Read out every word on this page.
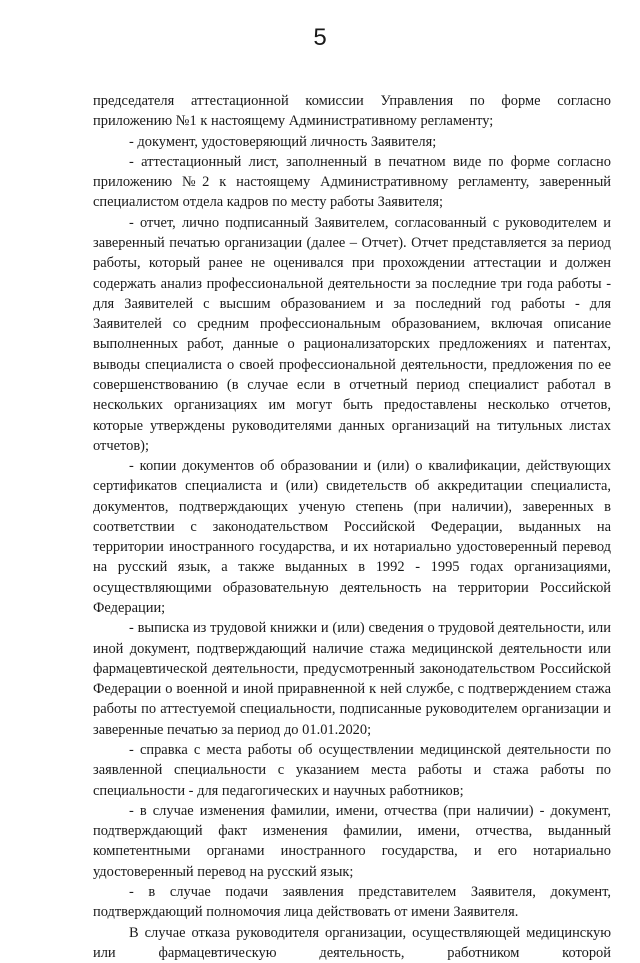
5

председателя аттестационной комиссии Управления по форме согласно приложению №1 к настоящему Административному регламенту;

- документ, удостоверяющий личность Заявителя;

- аттестационный лист, заполненный в печатном виде по форме согласно приложению №2 к настоящему Административному регламенту, заверенный специалистом отдела кадров по месту работы Заявителя;

- отчет, лично подписанный Заявителем, согласованный с руководителем и заверенный печатью организации (далее – Отчет). Отчет представляется за период работы, который ранее не оценивался при прохождении аттестации и должен содержать анализ профессиональной деятельности за последние три года работы - для Заявителей с высшим образованием и за последний год работы - для Заявителей со средним профессиональным образованием, включая описание выполненных работ, данные о рационализаторских предложениях и патентах, выводы специалиста о своей профессиональной деятельности, предложения по ее совершенствованию (в случае если в отчетный период специалист работал в нескольких организациях им могут быть предоставлены несколько отчетов, которые утверждены руководителями данных организаций на титульных листах отчетов);

- копии документов об образовании и (или) о квалификации, действующих сертификатов специалиста и (или) свидетельств об аккредитации специалиста, документов, подтверждающих ученую степень (при наличии), заверенных в соответствии с законодательством Российской Федерации, выданных на территории иностранного государства, и их нотариально удостоверенный перевод на русский язык, а также выданных в 1992 - 1995 годах организациями, осуществляющими образовательную деятельность на территории Российской Федерации;

- выписка из трудовой книжки и (или) сведения о трудовой деятельности, или иной документ, подтверждающий наличие стажа медицинской деятельности или фармацевтической деятельности, предусмотренный законодательством Российской Федерации о военной и иной приравненной к ней службе, с подтверждением стажа работы по аттестуемой специальности, подписанные руководителем организации и заверенные печатью за период до 01.01.2020;

- справка с места работы об осуществлении медицинской деятельности по заявленной специальности с указанием места работы и стажа работы по специальности - для педагогических и научных работников;

- в случае изменения фамилии, имени, отчества (при наличии) - документ, подтверждающий факт изменения фамилии, имени, отчества, выданный компетентными органами иностранного государства, и его нотариально удостоверенный перевод на русский язык;

- в случае подачи заявления представителем Заявителя, документ, подтверждающий полномочия лица действовать от имени Заявителя.

В случае отказа руководителя организации, осуществляющей медицинскую или фармацевтическую деятельность, работником которой
